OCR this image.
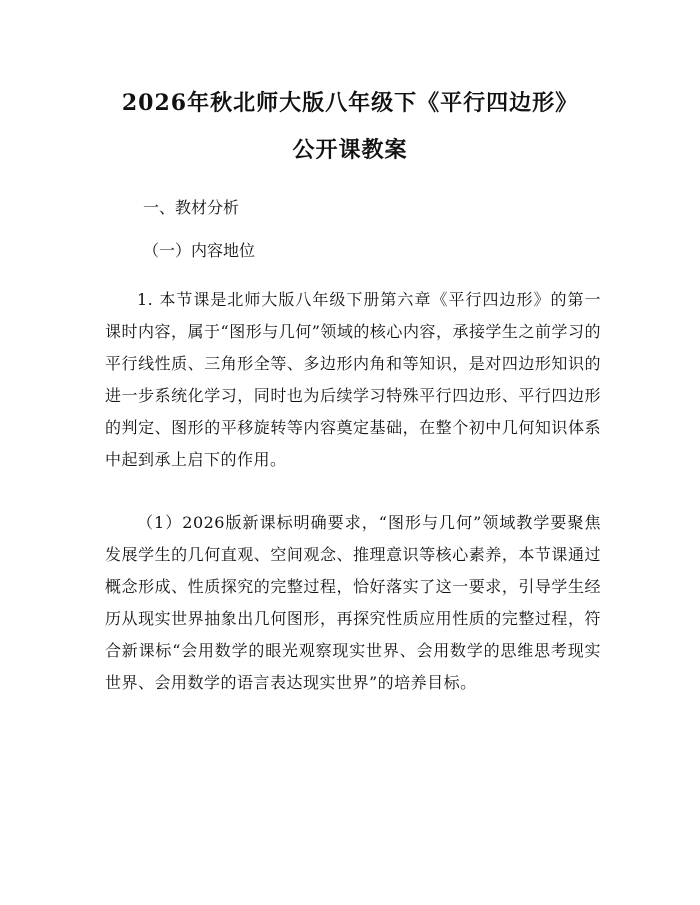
2026年秋北师大版八年级下《平行四边形》
公开课教案
一、教材分析
（一）内容地位
1. 本节课是北师大版八年级下册第六章《平行四边形》的第一课时内容，属于“图形与几何”领域的核心内容，承接学生之前学习的平行线性质、三角形全等、多边形内角和等知识，是对四边形知识的进一步系统化学习，同时也为后续学习特殊平行四边形、平行四边形的判定、图形的平移旋转等内容奠定基础，在整个初中几何知识体系中起到承上启下的作用。
（1）2026版新课标明确要求，“图形与几何”领域教学要聚焦发展学生的几何直观、空间观念、推理意识等核心素养，本节课通过概念形成、性质探究的完整过程，恰好落实了这一要求，引导学生经历从现实世界抽象出几何图形，再探究性质应用性质的完整过程，符合新课标“会用数学的眼光观察现实世界、会用数学的思维思考现实世界、会用数学的语言表达现实世界”的培养目标。
